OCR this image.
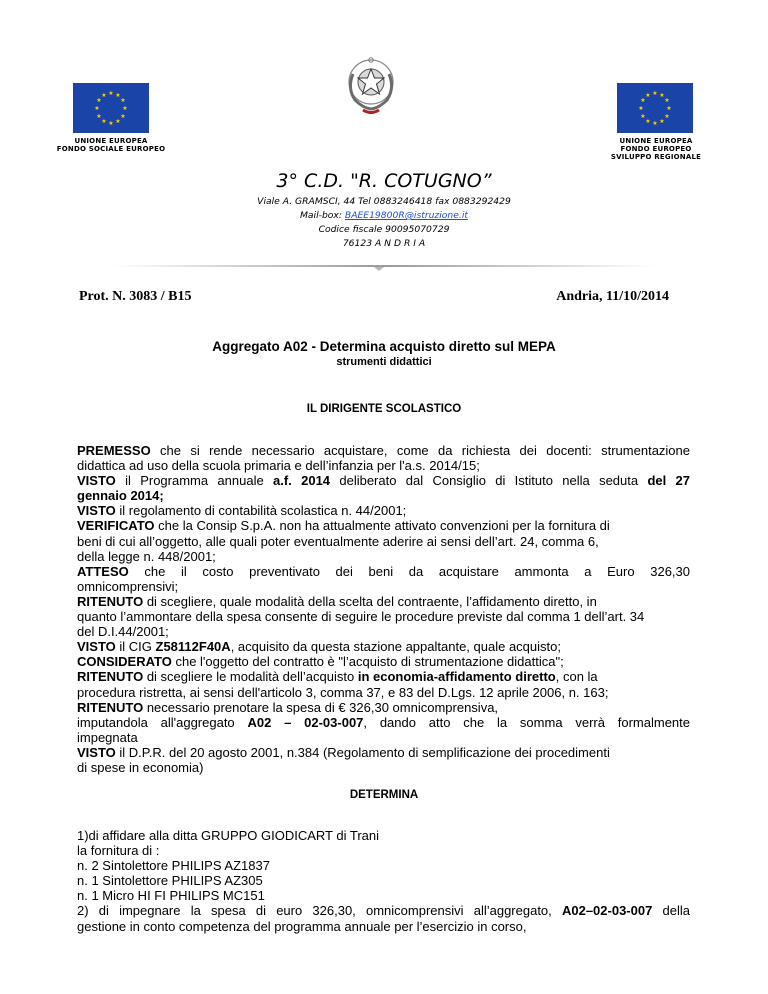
★ ★
★
★
★
★
★
★
★
★
★
★
UNIONE EUROPEA
FONDO SOCIALE EUROPEO
★ ★
★
★
★
★
★
★
★
★
★
★
UNIONE EUROPEA
FONDO EUROPEO
SVILUPPO REGIONALE
3° C.D. "R. COTUGNO”
Viale A. GRAMSCI, 44 Tel 0883246418 fax 0883292429
Mail-box: BAEE19800R@istruzione.it
Codice fiscale 90095070729
76123 A N D R I A
Prot. N. 3083 / B15	Andria, 11/10/2014
Aggregato A02 - Determina acquisto diretto sul MEPA
strumenti didattici
IL DIRIGENTE SCOLASTICO

PREMESSO che si rende necessario acquistare, come da richiesta dei docenti: strumentazione

didattica ad uso della scuola primaria e dell’infanzia per l'a.s. 2014/15;

VISTO il Programma annuale a.f. 2014 deliberato dal Consiglio di Istituto nella seduta del 27

gennaio 2014;

VISTO il regolamento di contabilità scolastica n. 44/2001;

VERIFICATO che la Consip S.p.A. non ha attualmente attivato convenzioni per la fornitura di

beni di cui all’oggetto, alle quali poter eventualmente aderire ai sensi dell’art. 24, comma 6,

della legge n. 448/2001;

ATTESO che il costo preventivato dei beni da acquistare ammonta a Euro 326,30

omnicomprensivi;

RITENUTO di scegliere, quale modalità della scelta del contraente, l’affidamento diretto, in

quanto l’ammontare della spesa consente di seguire le procedure previste dal comma 1 dell’art. 34

del D.I.44/2001;

VISTO il CIG Z58112F40A, acquisito da questa stazione appaltante, quale acquisto;

CONSIDERATO che l'oggetto del contratto è "l’acquisto di strumentazione didattica";

RITENUTO di scegliere le modalità dell’acquisto in economia-affidamento diretto, con la

procedura ristretta, ai sensi dell'articolo 3, comma 37, e 83 del D.Lgs. 12 aprile 2006, n. 163;

RITENUTO necessario prenotare la spesa di € 326,30 omnicomprensiva,

imputandola all'aggregato A02 – 02-03-007, dando atto che la somma verrà formalmente

impegnata

VISTO il D.P.R. del 20 agosto 2001, n.384 (Regolamento di semplificazione dei procedimenti

di spese in economia)

DETERMINA

1)di affidare alla ditta GRUPPO GIODICART di Trani

la fornitura di :

n. 2 Sintolettore PHILIPS AZ1837

n. 1 Sintolettore PHILIPS AZ305

n. 1 Micro HI FI PHILIPS MC151

2) di impegnare la spesa di euro 326,30, omnicomprensivi all’aggregato, A02–02-03-007 della

gestione in conto competenza del programma annuale per l’esercizio in corso,
